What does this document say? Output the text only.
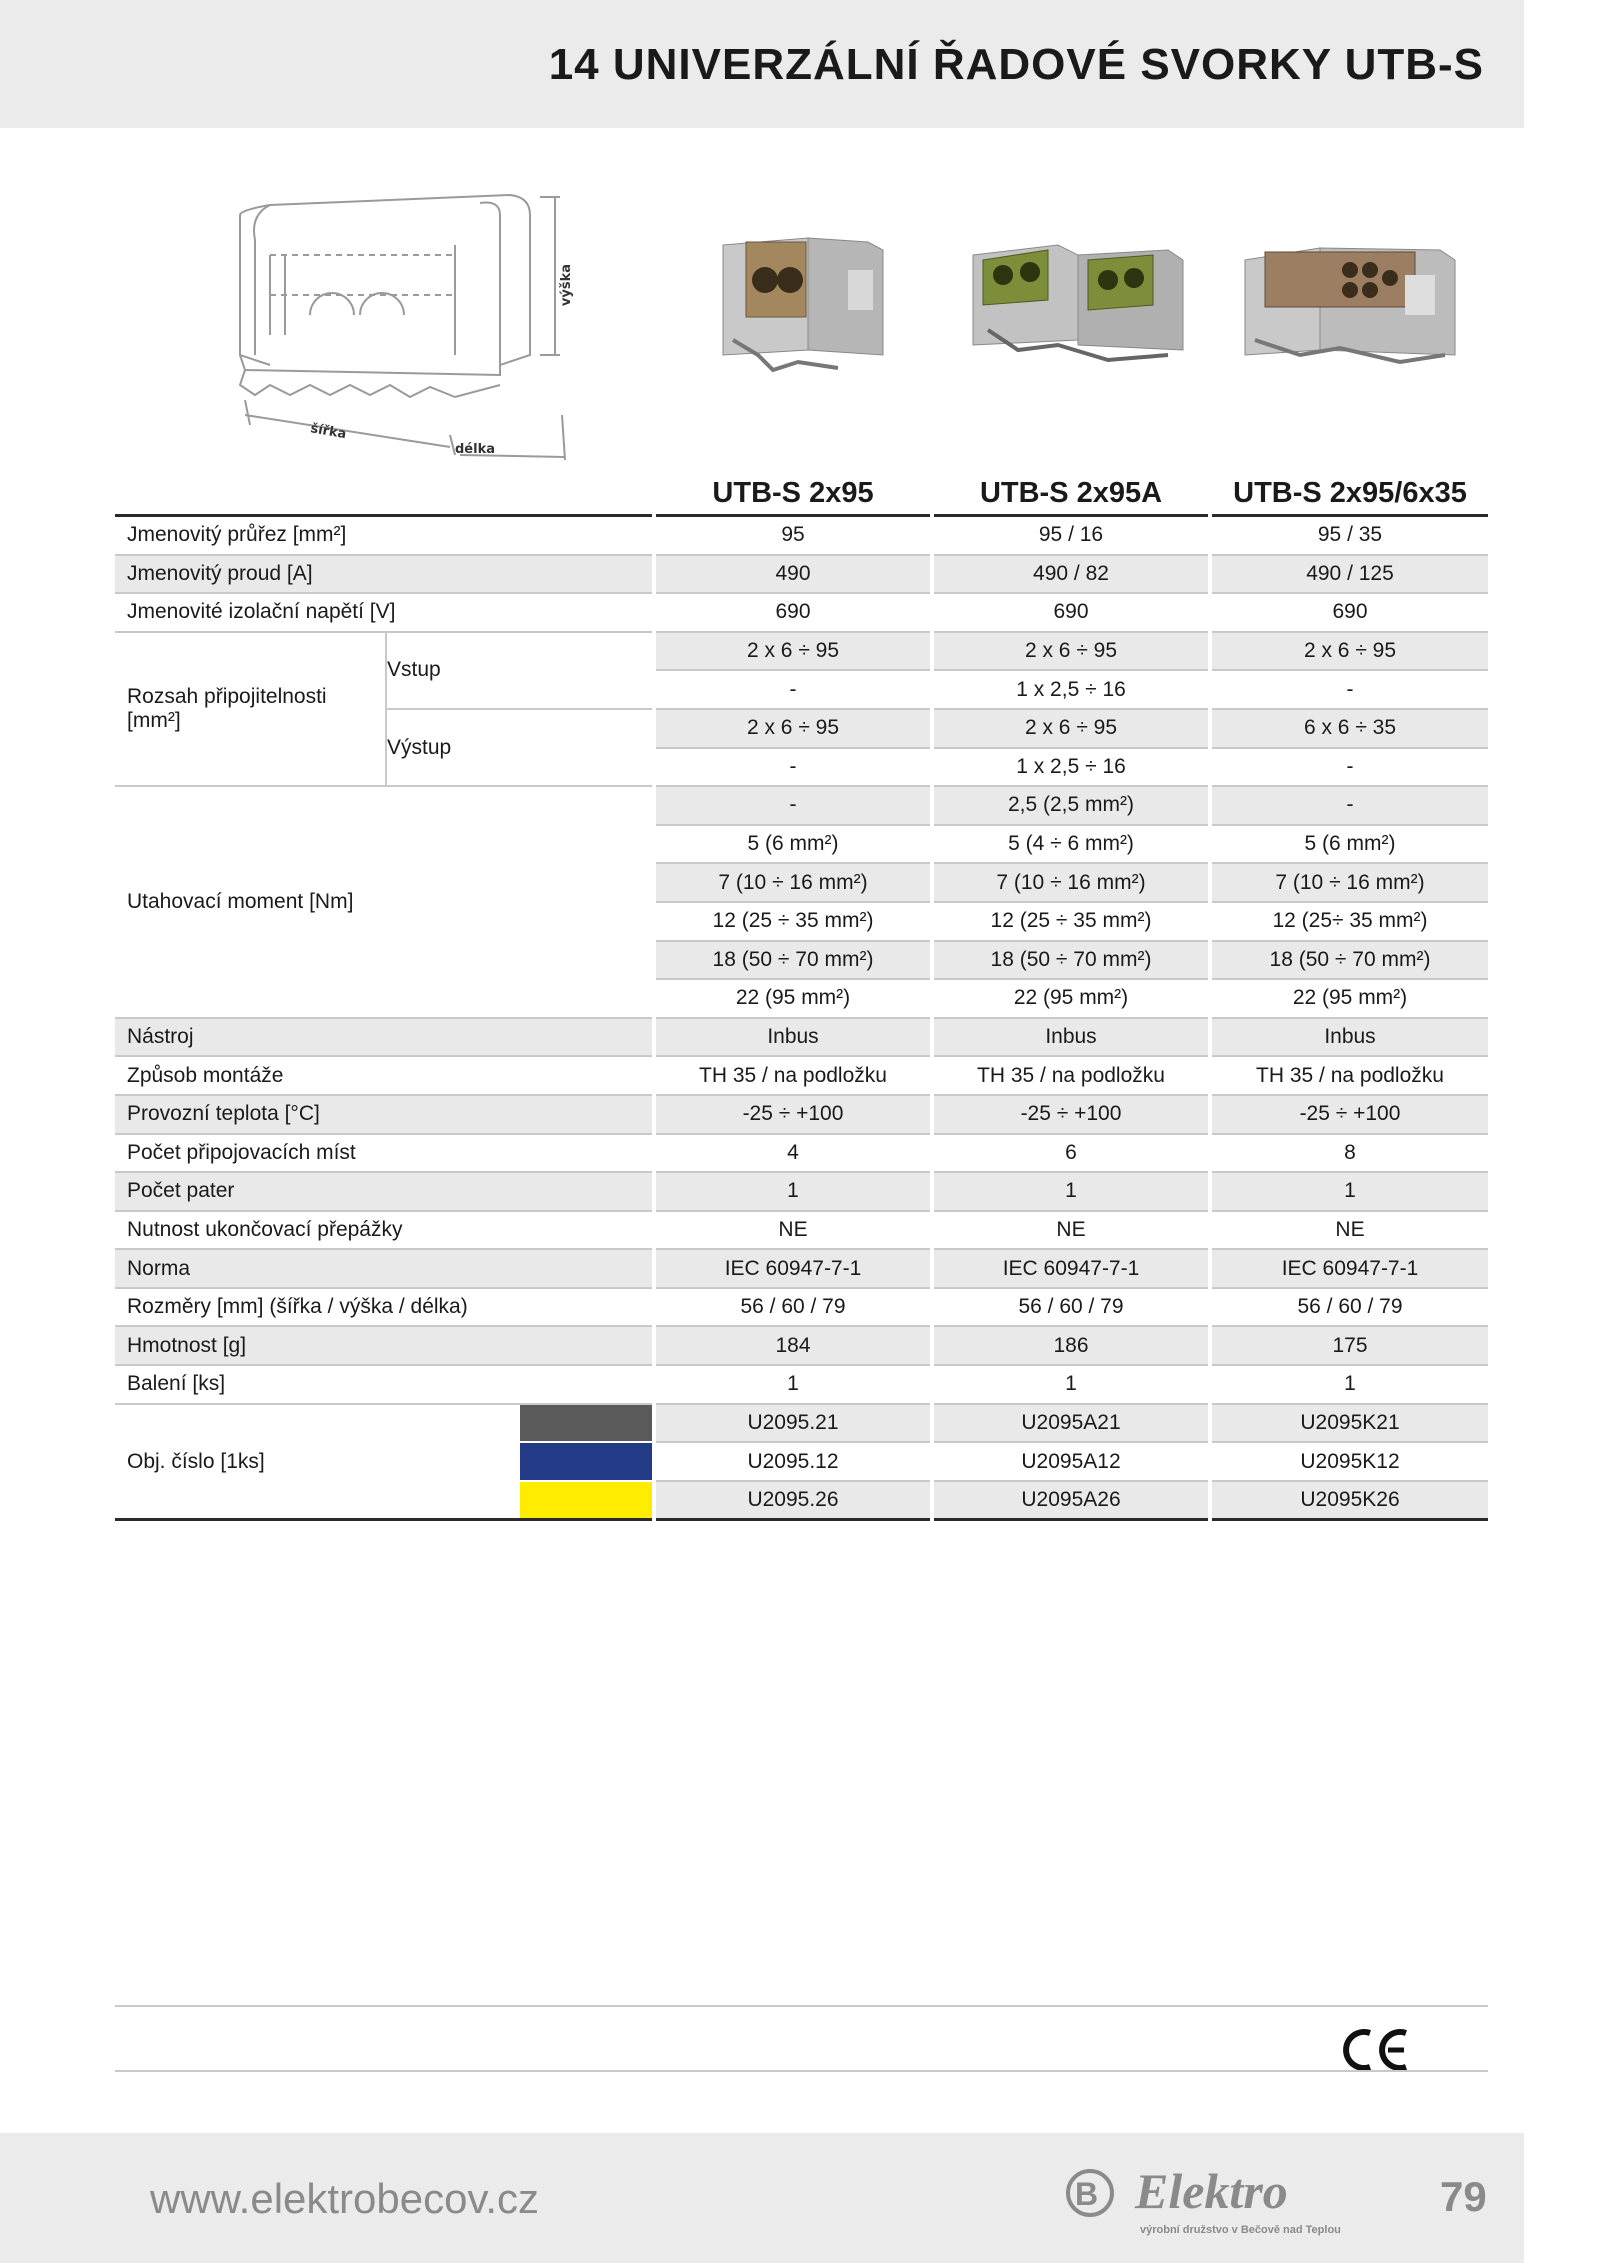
14 UNIVERZÁLNÍ ŘADOVÉ SVORKY UTB-S
výška
šířka
délka
				UTB-S 2x95		UTB-S 2x95A		UTB-S 2x95/6x35
Jmenovitý průřez [mm²]				95		95 / 16		95 / 35
Jmenovitý proud [A]				490		490 / 82		490 / 125
Jmenovité izolační napětí [V]				690		690		690
Rozsah připojitelnosti [mm²]	Vstup			2 x 6 ÷ 95		2 x 6 ÷ 95		2 x 6 ÷ 95
				-		1 x 2,5 ÷ 16		-
	Výstup			2 x 6 ÷ 95		2 x 6 ÷ 95		6 x 6 ÷ 35
				-		1 x 2,5 ÷ 16		-
Utahovací moment [Nm]				-		2,5 (2,5 mm²)		-
				5 (6 mm²)		5 (4 ÷ 6 mm²)		5 (6 mm²)
				7 (10 ÷ 16 mm²)		7 (10 ÷ 16 mm²)		7 (10 ÷ 16 mm²)
				12 (25 ÷ 35 mm²)		12 (25 ÷ 35 mm²)		12 (25÷ 35 mm²)
				18 (50 ÷ 70 mm²)		18 (50 ÷ 70 mm²)		18 (50 ÷ 70 mm²)
				22 (95 mm²)		22 (95 mm²)		22 (95 mm²)
Nástroj				Inbus		Inbus		Inbus
Způsob montáže				TH 35 / na podložku		TH 35 / na podložku		TH 35 / na podložku
Provozní teplota [°C]				-25 ÷ +100		-25 ÷ +100		-25 ÷ +100
Počet připojovacích míst				4		6		8
Počet pater				1		1		1
Nutnost ukončovací přepážky				NE		NE		NE
Norma				IEC 60947-7-1		IEC 60947-7-1		IEC 60947-7-1
Rozměry [mm] (šířka / výška / délka)				56 / 60 / 79		56 / 60 / 79		56 / 60 / 79
Hmotnost [g]				184		186		175
Balení [ks]				1		1		1
Obj. číslo [1ks]				U2095.21		U2095A21		U2095K21
				U2095.12		U2095A12		U2095K12
				U2095.26		U2095A26		U2095K26
www.elektrobecov.cz	B Elektro
výrobní družstvo v Bečově nad Teplou
79
